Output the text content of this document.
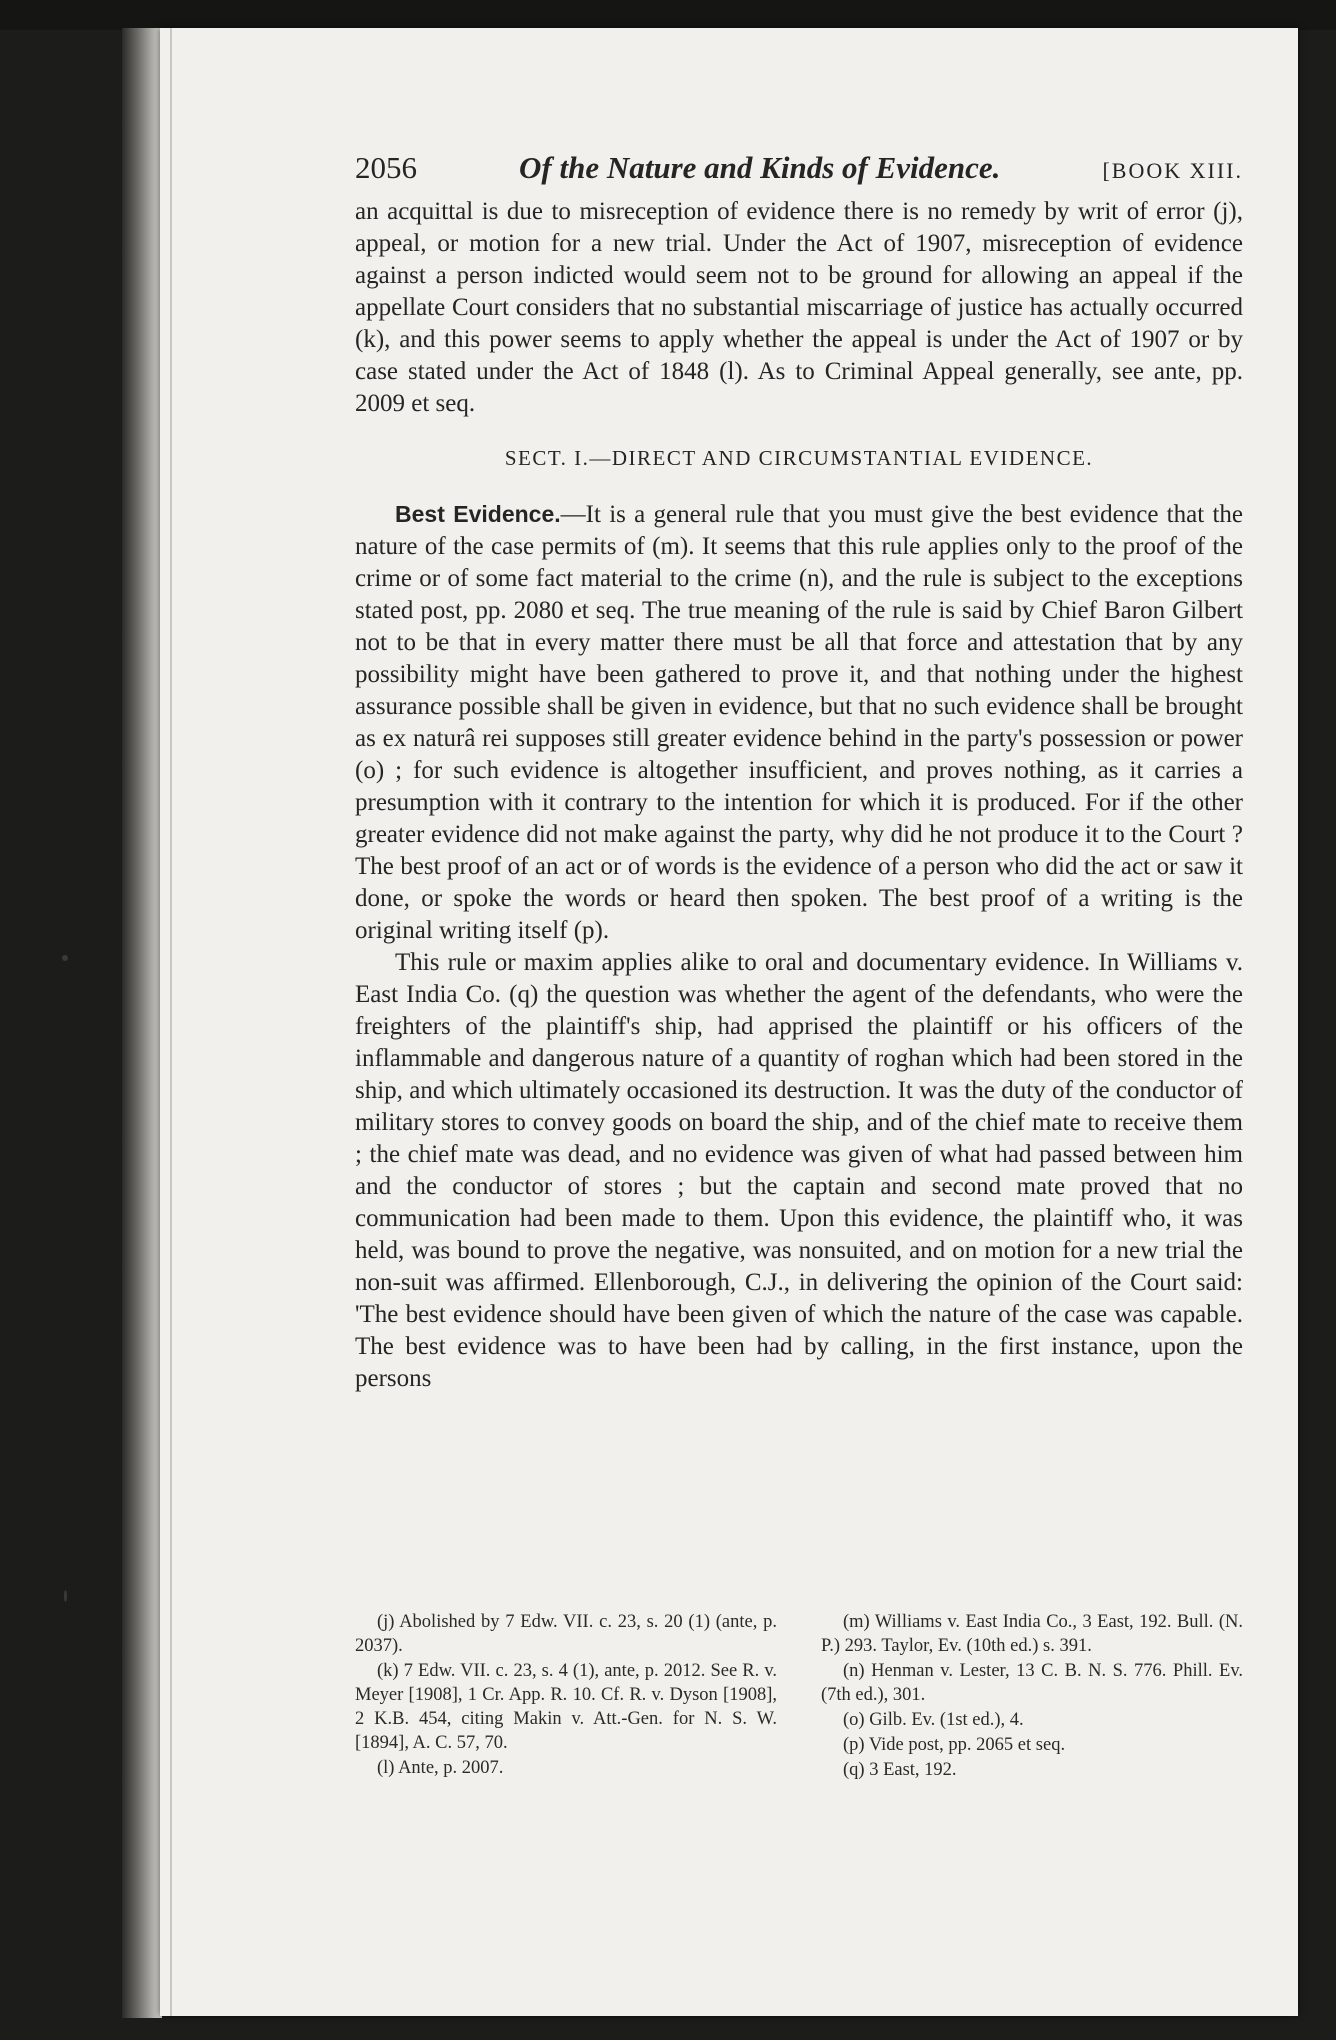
2056	Of the Nature and Kinds of Evidence.	[BOOK XIII.

an acquittal is due to misreception of evidence there is no remedy by writ of error (j), appeal, or motion for a new trial. Under the Act of 1907, misreception of evidence against a person indicted would seem not to be ground for allowing an appeal if the appellate Court considers that no substantial miscarriage of justice has actually occurred (k), and this power seems to apply whether the appeal is under the Act of 1907 or by case stated under the Act of 1848 (l). As to Criminal Appeal generally, see ante, pp. 2009 et seq.

SECT. I.—DIRECT AND CIRCUMSTANTIAL EVIDENCE.

Best Evidence.—It is a general rule that you must give the best evidence that the nature of the case permits of (m). It seems that this rule applies only to the proof of the crime or of some fact material to the crime (n), and the rule is subject to the exceptions stated post, pp. 2080 et seq. The true meaning of the rule is said by Chief Baron Gilbert not to be that in every matter there must be all that force and attestation that by any possibility might have been gathered to prove it, and that nothing under the highest assurance possible shall be given in evidence, but that no such evidence shall be brought as ex naturâ rei supposes still greater evidence behind in the party's possession or power (o) ; for such evidence is altogether insufficient, and proves nothing, as it carries a presumption with it contrary to the intention for which it is produced. For if the other greater evidence did not make against the party, why did he not produce it to the Court ? The best proof of an act or of words is the evidence of a person who did the act or saw it done, or spoke the words or heard then spoken. The best proof of a writing is the original writing itself (p).

This rule or maxim applies alike to oral and documentary evidence. In Williams v. East India Co. (q) the question was whether the agent of the defendants, who were the freighters of the plaintiff's ship, had apprised the plaintiff or his officers of the inflammable and dangerous nature of a quantity of roghan which had been stored in the ship, and which ultimately occasioned its destruction. It was the duty of the conductor of military stores to convey goods on board the ship, and of the chief mate to receive them ; the chief mate was dead, and no evidence was given of what had passed between him and the conductor of stores ; but the captain and second mate proved that no communication had been made to them. Upon this evidence, the plaintiff who, it was held, was bound to prove the negative, was nonsuited, and on motion for a new trial the non-suit was affirmed. Ellenborough, C.J., in delivering the opinion of the Court said: 'The best evidence should have been given of which the nature of the case was capable. The best evidence was to have been had by calling, in the first instance, upon the persons

(j) Abolished by 7 Edw. VII. c. 23, s. 20 (1) (ante, p. 2037).

(k) 7 Edw. VII. c. 23, s. 4 (1), ante, p. 2012. See R. v. Meyer [1908], 1 Cr. App. R. 10. Cf. R. v. Dyson [1908], 2 K.B. 454, citing Makin v. Att.-Gen. for N. S. W. [1894], A. C. 57, 70.

(l) Ante, p. 2007.

(m) Williams v. East India Co., 3 East, 192. Bull. (N. P.) 293. Taylor, Ev. (10th ed.) s. 391.

(n) Henman v. Lester, 13 C. B. N. S. 776. Phill. Ev. (7th ed.), 301.

(o) Gilb. Ev. (1st ed.), 4.

(p) Vide post, pp. 2065 et seq.

(q) 3 East, 192.
